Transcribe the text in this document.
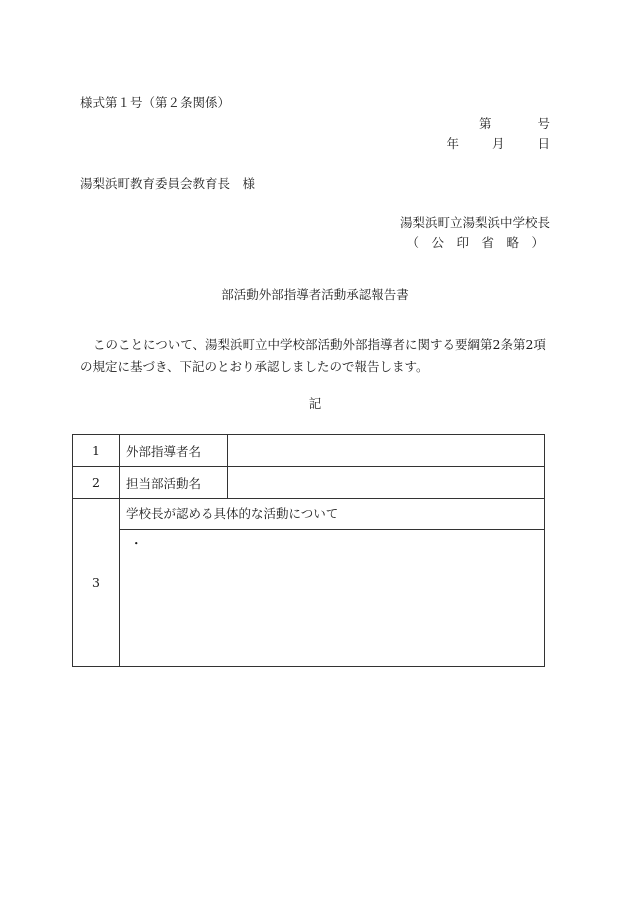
様式第１号（第２条関係）
第	号
年	月	日
湯梨浜町教育委員会教育長　様
湯梨浜町立湯梨浜中学校長
（　公　印　省　略　）
部活動外部指導者活動承認報告書
このことについて、湯梨浜町立中学校部活動外部指導者に関する要綱第2条第2項の規定に基づき、下記のとおり承認しましたので報告します。
記
1	外部指導者名	
2	担当部活動名	
3	学校長が認める具体的な活動について
・	
